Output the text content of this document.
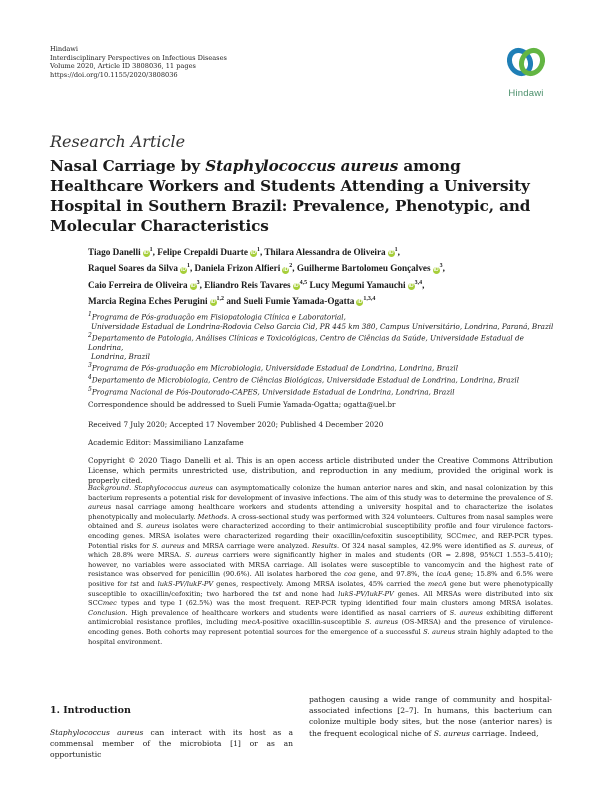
Hindawi
Interdisciplinary Perspectives on Infectious Diseases
Volume 2020, Article ID 3808036, 11 pages
https://doi.org/10.1155/2020/3808036
Hindawi
Research Article
Nasal Carriage by Staphylococcus aureus among Healthcare Workers and Students Attending a University Hospital in Southern Brazil: Prevalence, Phenotypic, and Molecular Characteristics
Tiago Danelli $iD^1$, Felipe Crepaldi Duarte $iD^1$, Thilara Alessandra de Oliveira $iD^1$,
Raquel Soares da Silva $iD^1$, Daniela Frizon Alfieri $iD^2$, Guilherme Bartolomeu Gonçalves $iD^3$,
Caio Ferreira de Oliveira $iD^3$, Eliandro Reis Tavares iD$^{4,5}$ Lucy Megumi Yamauchi iD$^{3,4}$,
Marcia Regina Eches Perugini iD$^{1,2}$ and Sueli Fumie Yamada-Ogatta iD$^{1,3,4}$
$^1$Programa de Pós-graduação em Fisiopatologia Clínica e Laboratorial,
Universidade Estadual de Londrina-Rodovia Celso Garcia Cid, PR 445 km 380, Campus Universitário, Londrina, Paraná, Brazil
$^2$Departamento de Patologia, Análises Clínicas e Toxicológicas, Centro de Ciências da Saúde, Universidade Estadual de Londrina,
Londrina, Brazil
$^3$Programa de Pós-graduação em Microbiologia, Universidade Estadual de Londrina, Londrina, Brazil
$^4$Departamento de Microbiologia, Centro de Ciências Biológicas, Universidade Estadual de Londrina, Londrina, Brazil
$^5$Programa Nacional de Pós-Doutorado-CAPES, Universidade Estadual de Londrina, Londrina, Brazil
Correspondence should be addressed to Sueli Fumie Yamada-Ogatta; ogatta@uel.br
Received 7 July 2020; Accepted 17 November 2020; Published 4 December 2020
Academic Editor: Massimiliano Lanzafame
Copyright © 2020 Tiago Danelli et al. This is an open access article distributed under the Creative Commons Attribution License, which permits unrestricted use, distribution, and reproduction in any medium, provided the original work is properly cited.
Background. Staphylococcus aureus can asymptomatically colonize the human anterior nares and skin, and nasal colonization by this bacterium represents a potential risk for development of invasive infections. The aim of this study was to determine the prevalence of S. aureus nasal carriage among healthcare workers and students attending a university hospital and to characterize the isolates phenotypically and molecularly. Methods. A cross-sectional study was performed with 324 volunteers. Cultures from nasal samples were obtained and S. aureus isolates were characterized according to their antimicrobial susceptibility profile and four virulence factors-encoding genes. MRSA isolates were characterized regarding their oxacillin/cefoxitin susceptibility, SCCmec, and REP-PCR types. Potential risks for S. aureus and MRSA carriage were analyzed. Results. Of 324 nasal samples, 42.9% were identified as S. aureus, of which 28.8% were MRSA. S. aureus carriers were significantly higher in males and students (OR = 2.898, 95%CI 1.553–5.410); however, no variables were associated with MRSA carriage. All isolates were susceptible to vancomycin and the highest rate of resistance was observed for penicillin (90.6%). All isolates harbored the coa gene, and 97.8%, the icaA gene; 15.8% and 6.5% were positive for tst and lukS-PV/lukF-PV genes, respectively. Among MRSA isolates, 45% carried the mecA gene but were phenotypically susceptible to oxacillin/cefoxitin; two harbored the tst and none had lukS-PV/lukF-PV genes. All MRSAs were distributed into six SCCmec types and type I (62.5%) was the most frequent. REP-PCR typing identified four main clusters among MRSA isolates. Conclusion. High prevalence of healthcare workers and students were identified as nasal carriers of S. aureus exhibiting different antimicrobial resistance profiles, including mecA-positive oxacillin-susceptible S. aureus (OS-MRSA) and the presence of virulence-encoding genes. Both cohorts may represent potential sources for the emergence of a successful S. aureus strain highly adapted to the hospital environment.
1. Introduction
Staphylococcus aureus can interact with its host as a commensal member of the microbiota [1] or as an opportunistic
pathogen causing a wide range of community and hospital-associated infections [2–7]. In humans, this bacterium can colonize multiple body sites, but the nose (anterior nares) is the frequent ecological niche of S. aureus carriage. Indeed,
